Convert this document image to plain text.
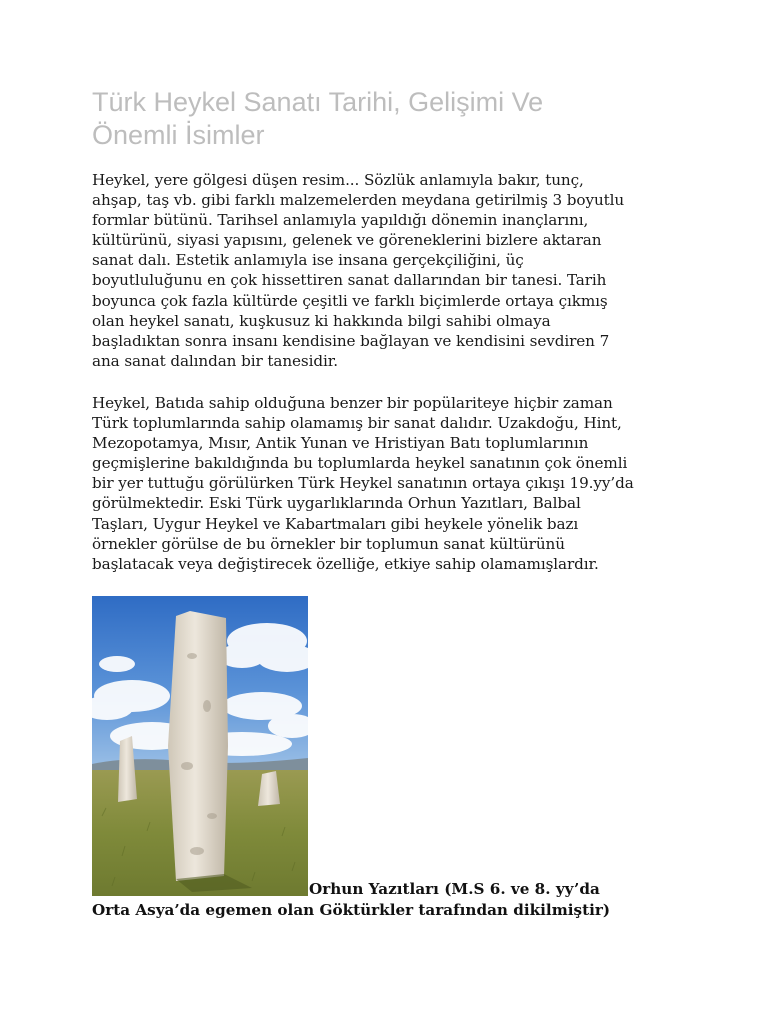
Türk Heykel Sanatı Tarihi, Gelişimi Ve
Önemli İsimler
Heykel, yere gölgesi düşen resim... Sözlük anlamıyla bakır, tunç,
ahşap, taş vb. gibi farklı malzemelerden meydana getirilmiş 3 boyutlu
formlar bütünü. Tarihsel anlamıyla yapıldığı dönemin inançlarını,
kültürünü, siyasi yapısını, gelenek ve göreneklerini bizlere aktaran
sanat dalı. Estetik anlamıyla ise insana gerçekçiliğini, üç
boyutluluğunu en çok hissettiren sanat dallarından bir tanesi. Tarih
boyunca çok fazla kültürde çeşitli ve farklı biçimlerde ortaya çıkmış
olan heykel sanatı, kuşkusuz ki hakkında bilgi sahibi olmaya
başladıktan sonra insanı kendisine bağlayan ve kendisini sevdiren 7
ana sanat dalından bir tanesidir.
Heykel, Batıda sahip olduğuna benzer bir popülariteye hiçbir zaman
Türk toplumlarında sahip olamamış bir sanat dalıdır. Uzakdoğu, Hint,
Mezopotamya, Mısır, Antik Yunan ve Hristiyan Batı toplumlarının
geçmişlerine bakıldığında bu toplumlarda heykel sanatının çok önemli
bir yer tuttuğu görülürken Türk Heykel sanatının ortaya çıkışı 19.yy’da
görülmektedir. Eski Türk uygarlıklarında Orhun Yazıtları, Balbal
Taşları, Uygur Heykel ve Kabartmaları gibi heykele yönelik bazı
örnekler görülse de bu örnekler bir toplumun sanat kültürünü
başlatacak veya değiştirecek özelliğe, etkiye sahip olamamışlardır.

Orhun Yazıtları (M.S 6. ve 8. yy’da

Orta Asya’da egemen olan Göktürkler tarafından dikilmiştir)
